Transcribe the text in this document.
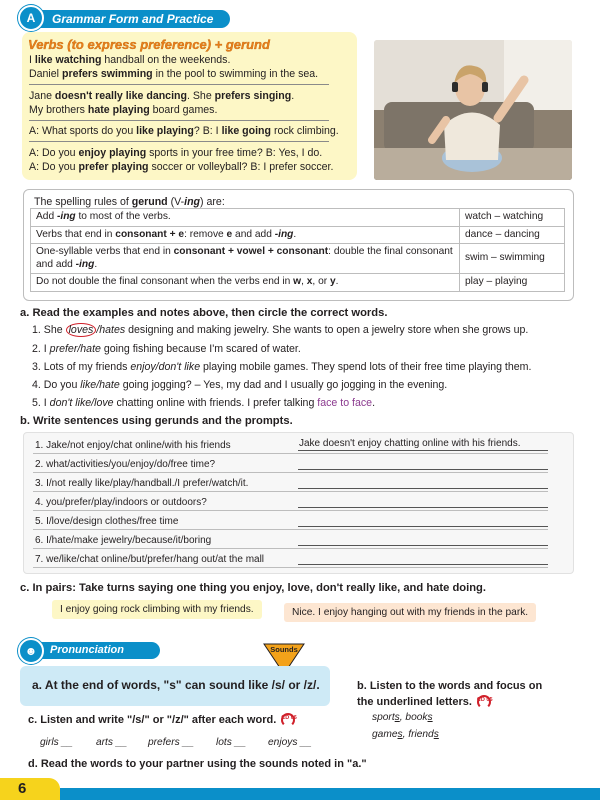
A	Grammar Form and Practice
Verbs (to express preference) + gerund
I like watching handball on the weekends.
Daniel prefers swimming in the pool to swimming in the sea.
Jane doesn't really like dancing. She prefers singing.
My brothers hate playing board games.
A: What sports do you like playing? B: I like going rock climbing.
A: Do you enjoy playing sports in your free time? B: Yes, I do.
A: Do you prefer playing soccer or volleyball? B: I prefer soccer.
The spelling rules of gerund (V-ing) are:
Add -ing to most of the verbs.	watch – watching
Verbs that end in consonant + e: remove e and add -ing.	dance – dancing
One-syllable verbs that end in consonant + vowel + consonant: double the final consonant and add -ing.	swim – swimming
Do not double the final consonant when the verbs end in w, x, or y.	play – playing
a. Read the examples and notes above, then circle the correct words.
1. She loves /hates designing and making jewelry. She wants to open a jewelry store when she grows up.
2. I prefer/hate going fishing because I'm scared of water.
3. Lots of my friends enjoy/don't like playing mobile games. They spend lots of their free time playing them.
4. Do you like/hate going jogging? – Yes, my dad and I usually go jogging in the evening.
5. I don't like/love chatting online with friends. I prefer talking face to face.
b. Write sentences using gerunds and the prompts.
1. Jake/not enjoy/chat online/with his friends	Jake doesn't enjoy chatting online with his friends.
2. what/activities/you/enjoy/do/free time?
3. I/not really like/play/handball./I prefer/watch/it.
4. you/prefer/play/indoors or outdoors?
5. I/love/design clothes/free time
6. I/hate/make jewelry/because/it/boring
7. we/like/chat online/but/prefer/hang out/at the mall
c. In pairs: Take turns saying one thing you enjoy, love, don't really like, and hate doing.
I enjoy going rock climbing with my friends.	Nice. I enjoy hanging out with my friends in the park.
☻	Pronunciation	Sounds
a. At the end of words, "s" can sound like /s/ or /z/.	b. Listen to the words and focus on
the underlined letters. CD 05
sports, books
games, friends
c. Listen and write "/s/" or "/z/" after each word. CD 06
girls __ arts __ prefers __ lots __ enjoys __
d. Read the words to your partner using the sounds noted in "a."
6
